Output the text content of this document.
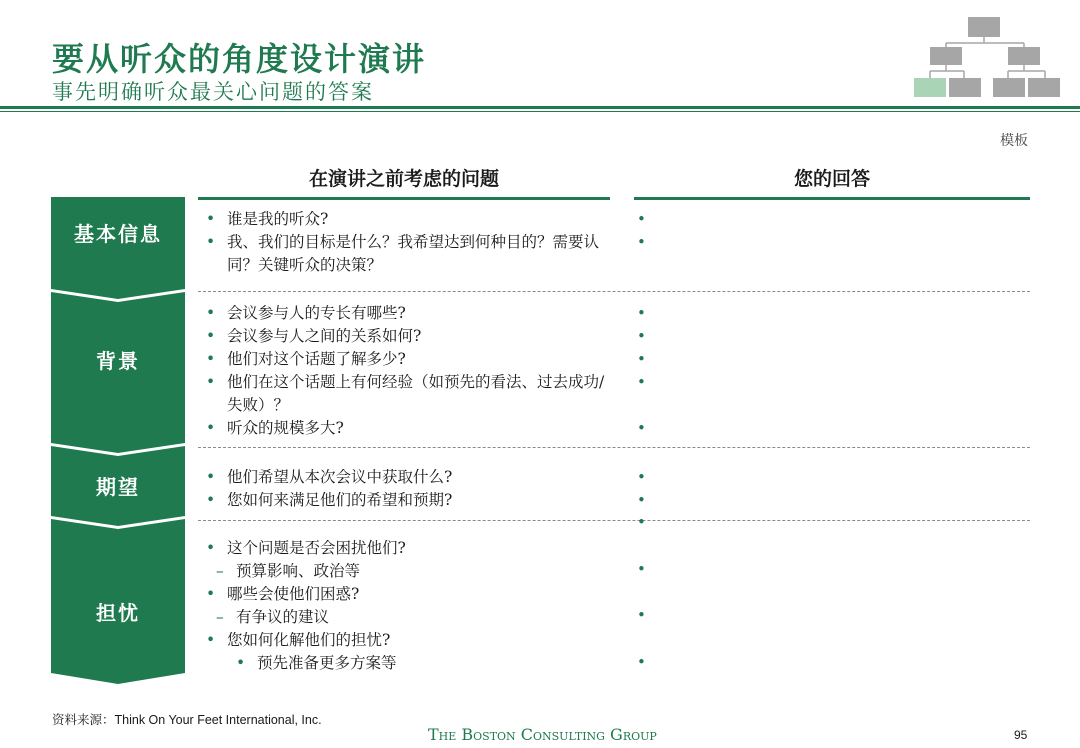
要从听众的角度设计演讲
事先明确听众最关心问题的答案
模板
在演讲之前考虑的问题	您的回答
基本信息
背景
期望
担忧
• 谁是我的听众?
• 我、我们的目标是什么？我希望达到何种目的？需要认同？关键听众的决策？
• 会议参与人的专长有哪些?
• 会议参与人之间的关系如何?
• 他们对这个话题了解多少?
• 他们在这个话题上有何经验（如预先的看法、过去成功/失败）？
• 听众的规模多大?
• 他们希望从本次会议中获取什么?
• 您如何来满足他们的希望和预期?
• 这个问题是否会困扰他们?
– 预算影响、政治等
• 哪些会使他们困惑?
– 有争议的建议
• 您如何化解他们的担忧?
• 预先准备更多方案等
•
•
•
•
•
•
•
•
•
•
•
•
•
资料来源：Think On Your Feet International, Inc.
The Boston Consulting Group	95
